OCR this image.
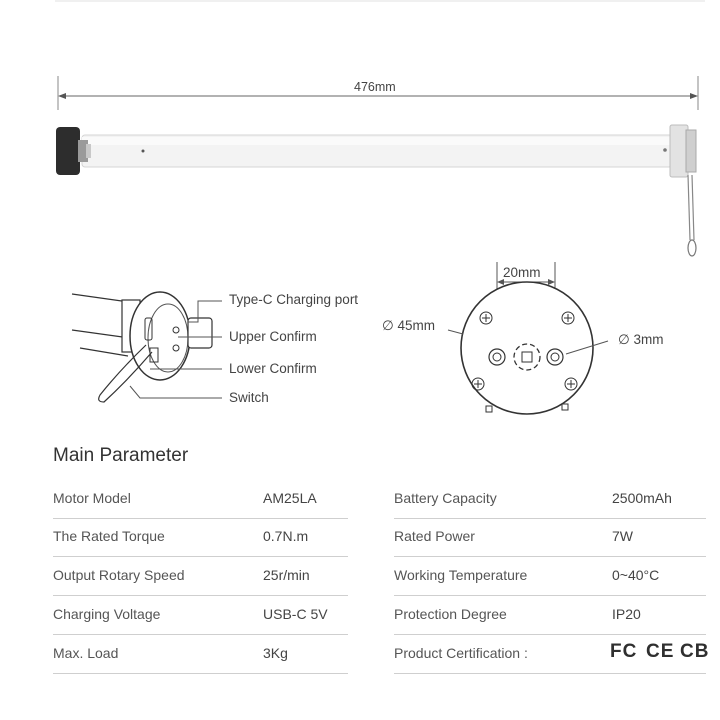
476mm
20mm
∅ 45mm
∅ 3mm
Type-C Charging port
Upper Confirm
Lower Confirm
Switch
Main Parameter
Motor Model	AM25LA
The Rated Torque	0.7N.m
Output Rotary Speed	25r/min
Charging Voltage	USB-C 5V
Max. Load	3Kg
Battery Capacity	2500mAh
Rated Power	7W
Working Temperature	0~40°C
Protection Degree	IP20
Product Certification :	FC CE CB
